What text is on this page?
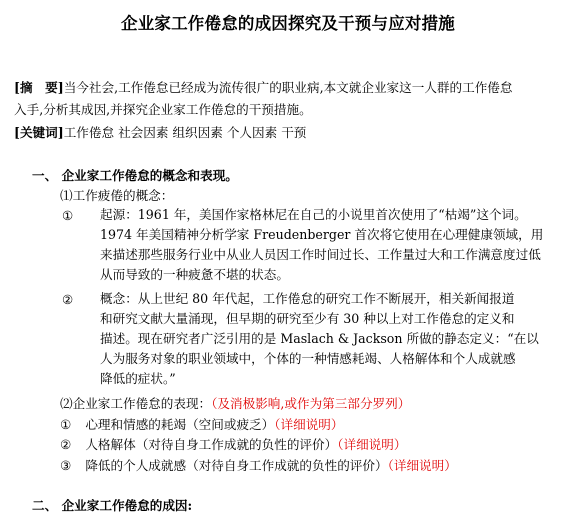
企业家工作倦怠的成因探究及干预与应对措施
[摘　要]当今社会,工作倦怠已经成为流传很广的职业病,本文就企业家这一人群的工作倦怠
入手,分析其成因,并探究企业家工作倦怠的干预措施。
[关键词]工作倦怠 社会因素 组织因素 个人因素 干预
一、 企业家工作倦怠的概念和表现。
⑴工作疲倦的概念：
① 起源：1961 年，美国作家格林尼在自己的小说里首次使用了“枯竭”这个词。
1974 年美国精神分析学家 Freudenberger 首次将它使用在心理健康领域，用
来描述那些服务行业中从业人员因工作时间过长、工作量过大和工作满意度过低
从而导致的一种疲惫不堪的状态。
② 概念：从上世纪 80 年代起，工作倦怠的研究工作不断展开，相关新闻报道
和研究文献大量涌现，但早期的研究至少有 30 种以上对工作倦怠的定义和
描述。现在研究者广泛引用的是 Maslach & Jackson 所做的静态定义：“在以
人为服务对象的职业领域中，个体的一种情感耗竭、人格解体和个人成就感
降低的症状。”
⑵企业家工作倦怠的表现：（及消极影响,或作为第三部分罗列）
① 心理和情感的耗竭（空间或疲乏）（详细说明）
② 人格解体（对待自身工作成就的负性的评价）（详细说明）
③ 降低的个人成就感（对待自身工作成就的负性的评价）（详细说明）
二、 企业家工作倦怠的成因:
